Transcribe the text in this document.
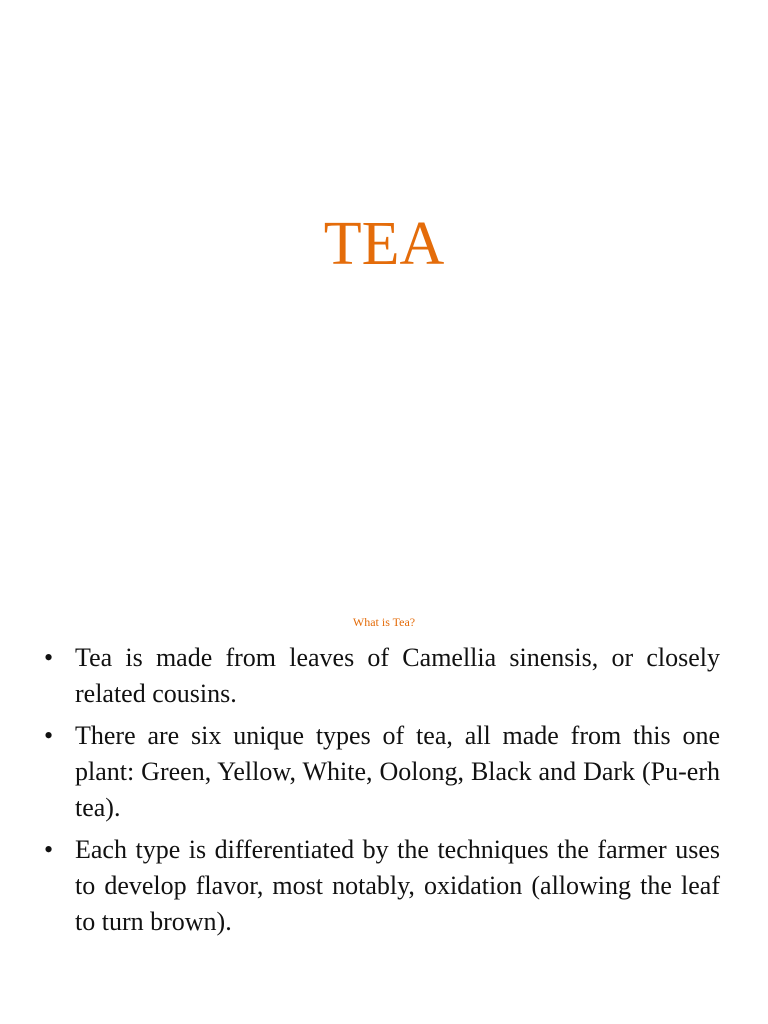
TEA
What is Tea?
• Tea is made from leaves of Camellia sinensis, or closely related cousins.
• There are six unique types of tea, all made from this one plant: Green, Yellow, White, Oolong, Black and Dark (Pu-erh tea).
• Each type is differentiated by the techniques the farmer uses to develop flavor, most notably, oxidation (allowing the leaf to turn brown).
